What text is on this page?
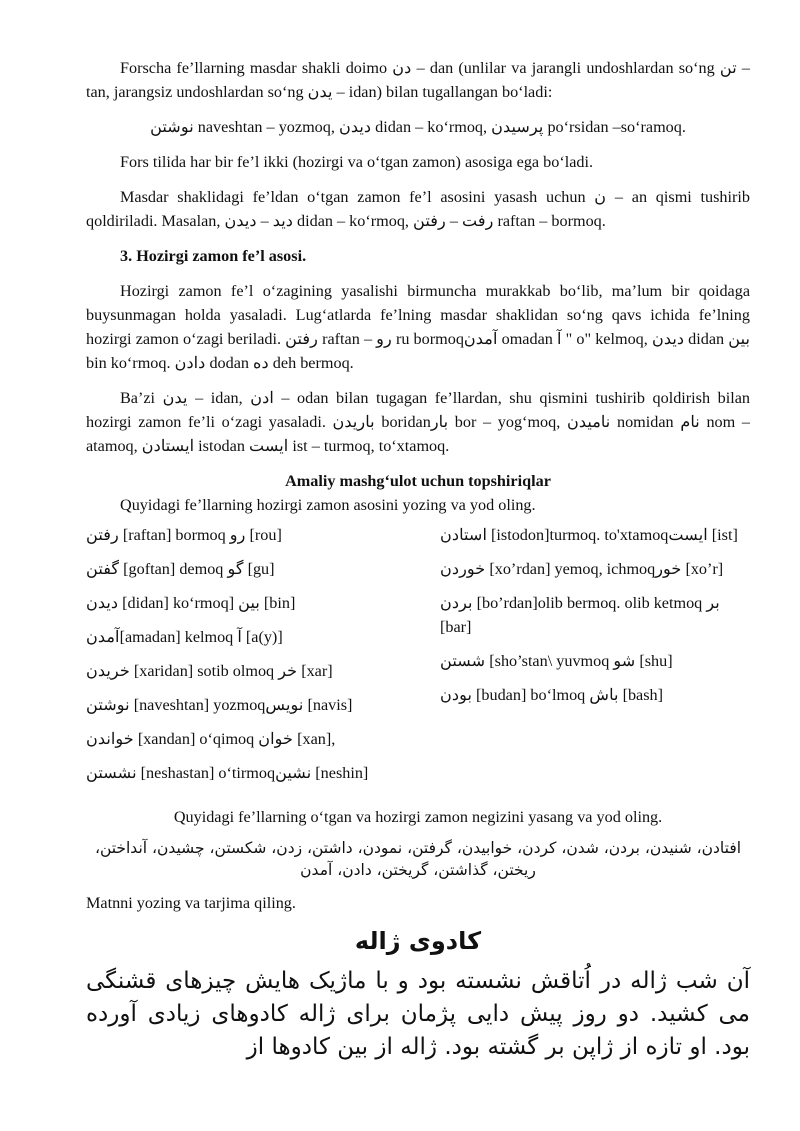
Forscha fe’llarning masdar shakli doimo دن – dan (unlilar va jarangli undoshlardan so‘ng تن – tan, jarangsiz undoshlardan so‘ng یدن – idan) bilan tugallangan bo‘ladi:

نوشتن naveshtan – yozmoq, دیدن didan – ko‘rmoq, پرسیدن po‘rsidan –so‘ramoq.

Fors tilida har bir fe’l ikki (hozirgi va o‘tgan zamon) asosiga ega bo‘ladi.

Masdar shaklidagi fe’ldan o‘tgan zamon fe’l asosini yasash uchun ن – an qismi tushirib qoldiriladi. Masalan, دید – دیدن didan – ko‘rmoq, رفت – رفتن raftan – bormoq.

3. Hozirgi zamon fe’l asosi.

Hozirgi zamon fe’l o‘zagining yasalishi birmuncha murakkab bo‘lib, ma’lum bir qoidaga buysunmagan holda yasaladi. Lug‘atlarda fe’lning masdar shaklidan so‘ng qavs ichida fe’lning hozirgi zamon o‘zagi beriladi. رفتن raftan – رو ru bormoqآمدن omadan آ " o" kelmoq, دیدن didan بین bin ko‘rmoq. دادن dodan ده deh bermoq.

Ba’zi یدن – idan, ادن – odan bilan tugagan fe’llardan, shu qismini tushirib qoldirish bilan hozirgi zamon fe’li o‘zagi yasaladi. باریدن boridanبار bor – yog‘moq, نامیدن nomidan نام nom – atamoq, ایستادن istodan ایست ist – turmoq, to‘xtamoq.

Amaliy mashg‘ulot uchun topshiriqlar

Quyidagi fe’llarning hozirgi zamon asosini yozing va yod oling.

رفتن [raftan] bormoq رو [rou]

گفتن [goftan] demoq گو [gu]

دیدن [didan] ko‘rmoq] بین [bin]

آمدن[amadan] kelmoq آ [a(y)]

خریدن [xaridan] sotib olmoq خر [xar]

نوشتن [naveshtan] yozmoqنویس [navis]

خواندن [xandan] o‘qimoq خوان [xan],

نشستن [neshastan] o‘tirmoqنشین [neshin]

استادن [istodon]turmoq. to'xtamoqایست [ist]

خوردن [xo’rdan] yemoq, ichmoqخور [xo’r]

بردن [bo’rdan]olib bermoq. olib ketmoq بر [bar]

شستن [sho’stan\ yuvmoq شو [shu]

بودن [budan] bo‘lmoq باش [bash]

Quyidagi fe’llarning o‘tgan va hozirgi zamon negizini yasang va yod oling.

افتادن، شنیدن، بردن، شدن، کردن، خوابیدن، گرفتن، نمودن، داشتن، زدن، شکستن، چشیدن، آنداختن، ریختن، گذاشتن، گریختن، دادن، آمدن

Matnni yozing va tarjima qiling.

کادوی ژاله

آن شب ژاله در اُتاقش نشسته بود و با ماژیک هایش چیزهای قشنگی می کشید. دو روز پیش دایی پژمان برای ژاله کادوهای زیادی آورده بود. او تازه از ژاپن بر گشته بود. ژاله از بین کادوها از
